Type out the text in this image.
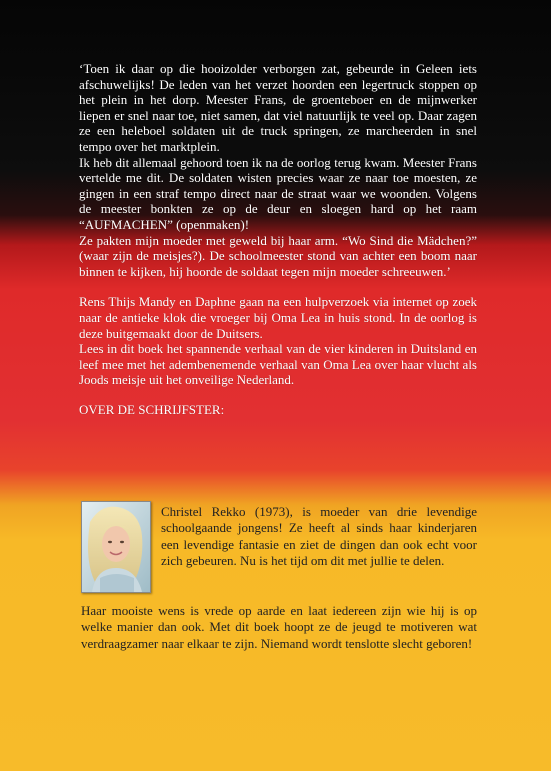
‘Toen ik daar op die hooizolder verborgen zat, gebeurde in Geleen iets afschuwelijks! De leden van het verzet hoorden een legertruck stoppen op het plein in het dorp. Meester Frans, de groenteboer en de mijnwerker liepen er snel naar toe, niet samen, dat viel natuurlijk te veel op. Daar zagen ze een heleboel soldaten uit de truck springen, ze marcheerden in snel tempo over het marktplein.

Ik heb dit allemaal gehoord toen ik na de oorlog terug kwam. Meester Frans vertelde me dit. De soldaten wisten precies waar ze naar toe moesten, ze gingen in een straf tempo direct naar de straat waar we woonden. Volgens de meester bonkten ze op de deur en sloegen hard op het raam “AUFMACHEN” (openmaken)!

Ze pakten mijn moeder met geweld bij haar arm. “Wo Sind die Mädchen?” (waar zijn de meisjes?). De schoolmeester stond van achter een boom naar binnen te kijken, hij hoorde de soldaat tegen mijn moeder schreeuwen.’

Rens Thijs Mandy en Daphne gaan na een hulpverzoek via internet op zoek naar de antieke klok die vroeger bij Oma Lea in huis stond. In de oorlog is deze buitgemaakt door de Duitsers.

Lees in dit boek het spannende verhaal van de vier kinderen in Duitsland en leef mee met het adembenemende verhaal van Oma Lea over haar vlucht als Joods meisje uit het onveilige Nederland.

OVER DE SCHRIJFSTER:

Christel Rekko (1973), is moeder van drie levendige schoolgaande jongens! Ze heeft al sinds haar kinderjaren een levendige fantasie en ziet de dingen dan ook echt voor zich gebeuren. Nu is het tijd om dit met jullie te delen.

Haar mooiste wens is vrede op aarde en laat iedereen zijn wie hij is op welke manier dan ook. Met dit boek hoopt ze de jeugd te motiveren wat verdraagzamer naar elkaar te zijn. Niemand wordt tenslotte slecht geboren!
